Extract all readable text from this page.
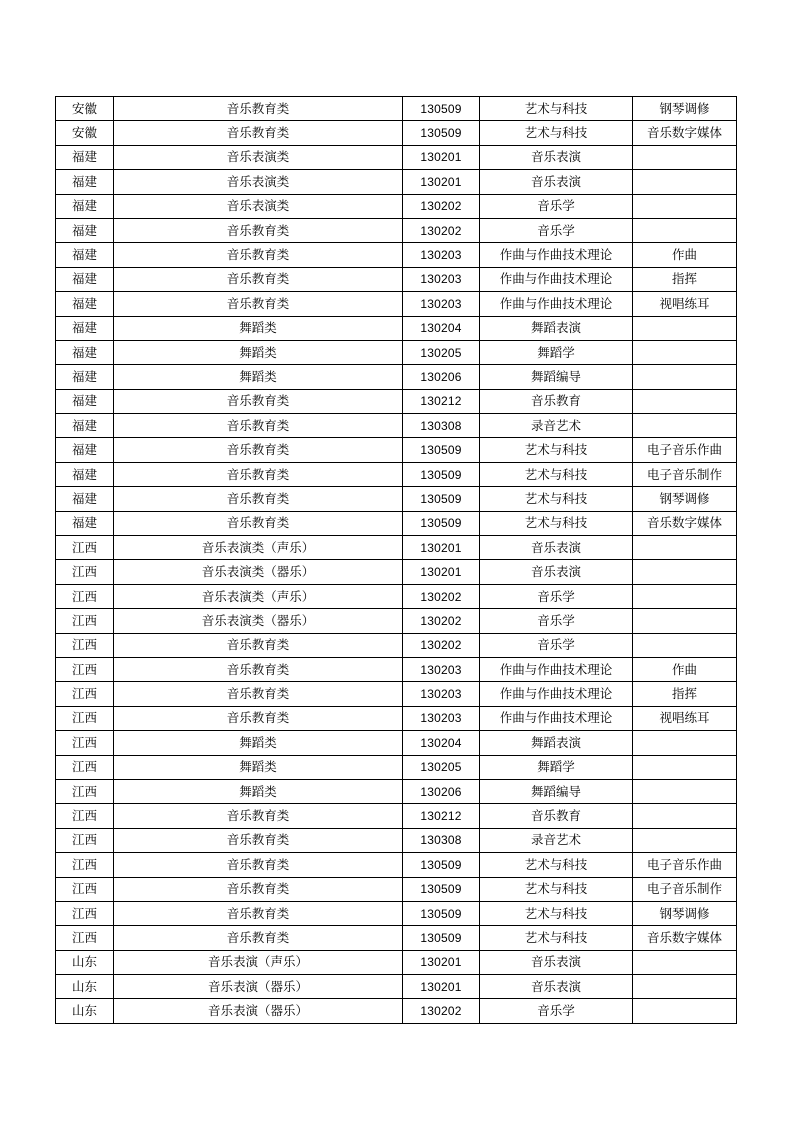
安徽	音乐教育类	130509	艺术与科技	钢琴调修
安徽	音乐教育类	130509	艺术与科技	音乐数字媒体
福建	音乐表演类	130201	音乐表演	
福建	音乐表演类	130201	音乐表演	
福建	音乐表演类	130202	音乐学	
福建	音乐教育类	130202	音乐学	
福建	音乐教育类	130203	作曲与作曲技术理论	作曲
福建	音乐教育类	130203	作曲与作曲技术理论	指挥
福建	音乐教育类	130203	作曲与作曲技术理论	视唱练耳
福建	舞蹈类	130204	舞蹈表演	
福建	舞蹈类	130205	舞蹈学	
福建	舞蹈类	130206	舞蹈编导	
福建	音乐教育类	130212	音乐教育	
福建	音乐教育类	130308	录音艺术	
福建	音乐教育类	130509	艺术与科技	电子音乐作曲
福建	音乐教育类	130509	艺术与科技	电子音乐制作
福建	音乐教育类	130509	艺术与科技	钢琴调修
福建	音乐教育类	130509	艺术与科技	音乐数字媒体
江西	音乐表演类（声乐）	130201	音乐表演	
江西	音乐表演类（器乐）	130201	音乐表演	
江西	音乐表演类（声乐）	130202	音乐学	
江西	音乐表演类（器乐）	130202	音乐学	
江西	音乐教育类	130202	音乐学	
江西	音乐教育类	130203	作曲与作曲技术理论	作曲
江西	音乐教育类	130203	作曲与作曲技术理论	指挥
江西	音乐教育类	130203	作曲与作曲技术理论	视唱练耳
江西	舞蹈类	130204	舞蹈表演	
江西	舞蹈类	130205	舞蹈学	
江西	舞蹈类	130206	舞蹈编导	
江西	音乐教育类	130212	音乐教育	
江西	音乐教育类	130308	录音艺术	
江西	音乐教育类	130509	艺术与科技	电子音乐作曲
江西	音乐教育类	130509	艺术与科技	电子音乐制作
江西	音乐教育类	130509	艺术与科技	钢琴调修
江西	音乐教育类	130509	艺术与科技	音乐数字媒体
山东	音乐表演（声乐）	130201	音乐表演	
山东	音乐表演（器乐）	130201	音乐表演	
山东	音乐表演（器乐）	130202	音乐学	
